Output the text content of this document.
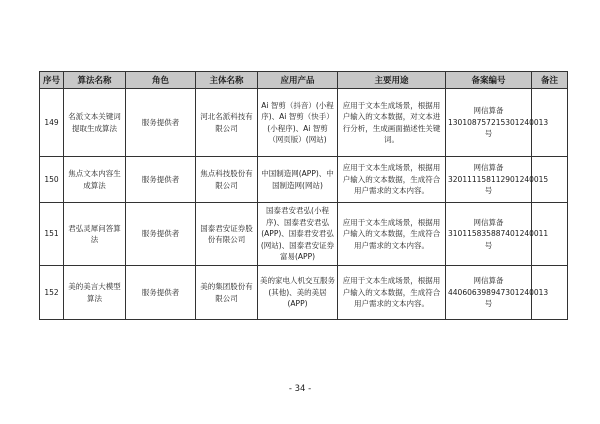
序号	算法名称	角色	主体名称	应用产品	主要用途	备案编号	备注
149	名派文本关键词提取生成算法	服务提供者	河北名派科技有限公司	Ai 智剪（抖音）(小程序)、Ai 智剪（快手）(小程序)、Ai 智剪（网页版）(网站)	应用于文本生成场景，根据用户输入的文本数据，对文本进行分析，生成画面描述性关键词。	网信算备130108757215301240013 号	
150	焦点文本内容生成算法	服务提供者	焦点科技股份有限公司	中国制造网(APP)、中国制造网(网站)	应用于文本生成场景，根据用户输入的文本数据，生成符合用户需求的文本内容。	网信算备320111158112901240015 号	
151	君弘灵犀问答算法	服务提供者	国泰君安证券股份有限公司	国泰君安君弘(小程序)、国泰君安君弘(APP)、国泰君安君弘(网站)、国泰君安证券富易(APP)	应用于文本生成场景，根据用户输入的文本数据，生成符合用户需求的文本内容。	网信算备310115835887401240011 号	
152	美的美言大模型算法	服务提供者	美的集团股份有限公司	美的家电人机交互服务(其他)、美的美居(APP)	应用于文本生成场景，根据用户输入的文本数据，生成符合用户需求的文本内容。	网信算备440606398947301240013 号	
- 34 -
